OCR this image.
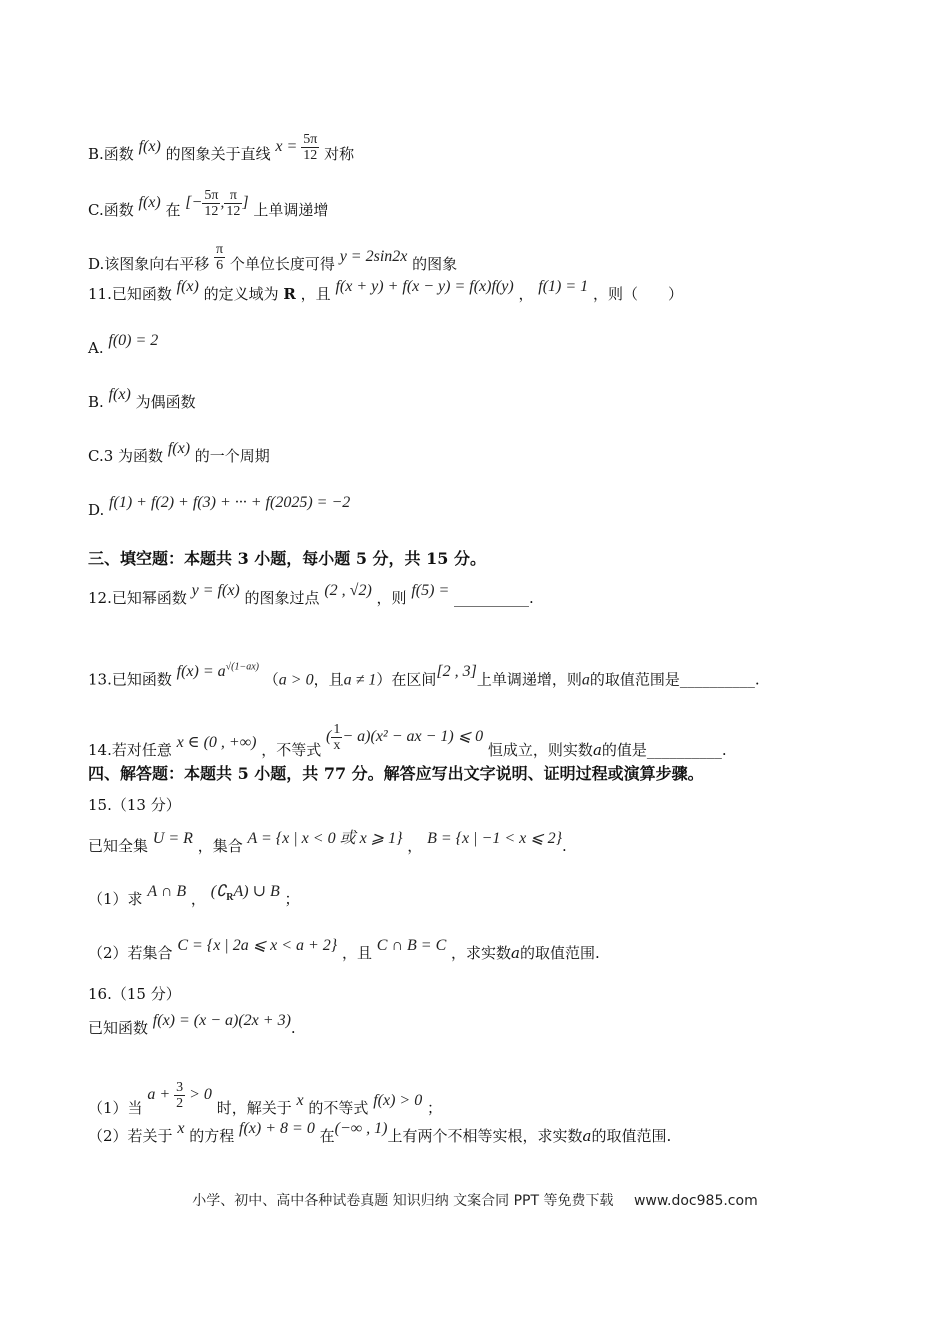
B.函数 f(x) 的图象关于直线 $x = \frac{5\pi}{12}$ 对称
C.函数 f(x) 在 [− $\frac{5\pi}{12}$ , $\frac{\pi}{12}$ ] 上单调递增
D.该图象向右平移 $\frac{\pi}{6}$ 个单位长度可得 y = 2sin2x 的图象
11.已知函数 f(x) 的定义域为 R ，且 f(x + y) + f(x − y) = f(x)f(y) ， f(1) = 1 ，则（　　）
A. f(0) = 2
B. f(x) 为偶函数
C.3 为函数 f(x) 的一个周期
D. f(1) + f(2) + f(3) + ··· + f(2025) = −2
三、填空题：本题共 3 小题，每小题 5 分，共 15 分。
12.已知幂函数 y = f(x) 的图象过点 (2 , √2) ，则 f(5) = __________.
13.已知函数 $f(x) = a^{√(1-ax)}$ （a > 0，且a ≠ 1）在区间[2 , 3]上单调递增，则a的取值范围是__________.
14.若对任意 x ∈ (0 , +∞) ，不等式 ( $\frac{1}{x} - a)(x^2$ − ax − 1) ⩽ 0 恒成立，则实数a的值是__________.
四、解答题：本题共 5 小题，共 77 分。解答应写出文字说明、证明过程或演算步骤。
15.（13 分）
已知全集 U = R ，集合 A = {x | x < 0 或 x ⩾ 1} ， B = {x | −1 < x ⩽ 2}.
（1）求 A ∩ B ， $(∁_RA)$ ∪ B ；
（2）若集合 C = {x | 2a ⩽ x < a + 2} ，且 C ∩ B = C ，求实数a的取值范围.
16.（15 分）
已知函数 f(x) = (x − a)(2x + 3).
（1）当 $a + \frac{3}{2} > 0$ 时，解关于 x 的不等式 f(x) > 0 ；
（2）若关于 x 的方程 f(x) + 8 = 0 在(−∞ , 1)上有两个不相等实根，求实数a的取值范围.
小学、初中、高中各种试卷真题 知识归纳 文案合同 PPT 等免费下载 www.doc985.com
